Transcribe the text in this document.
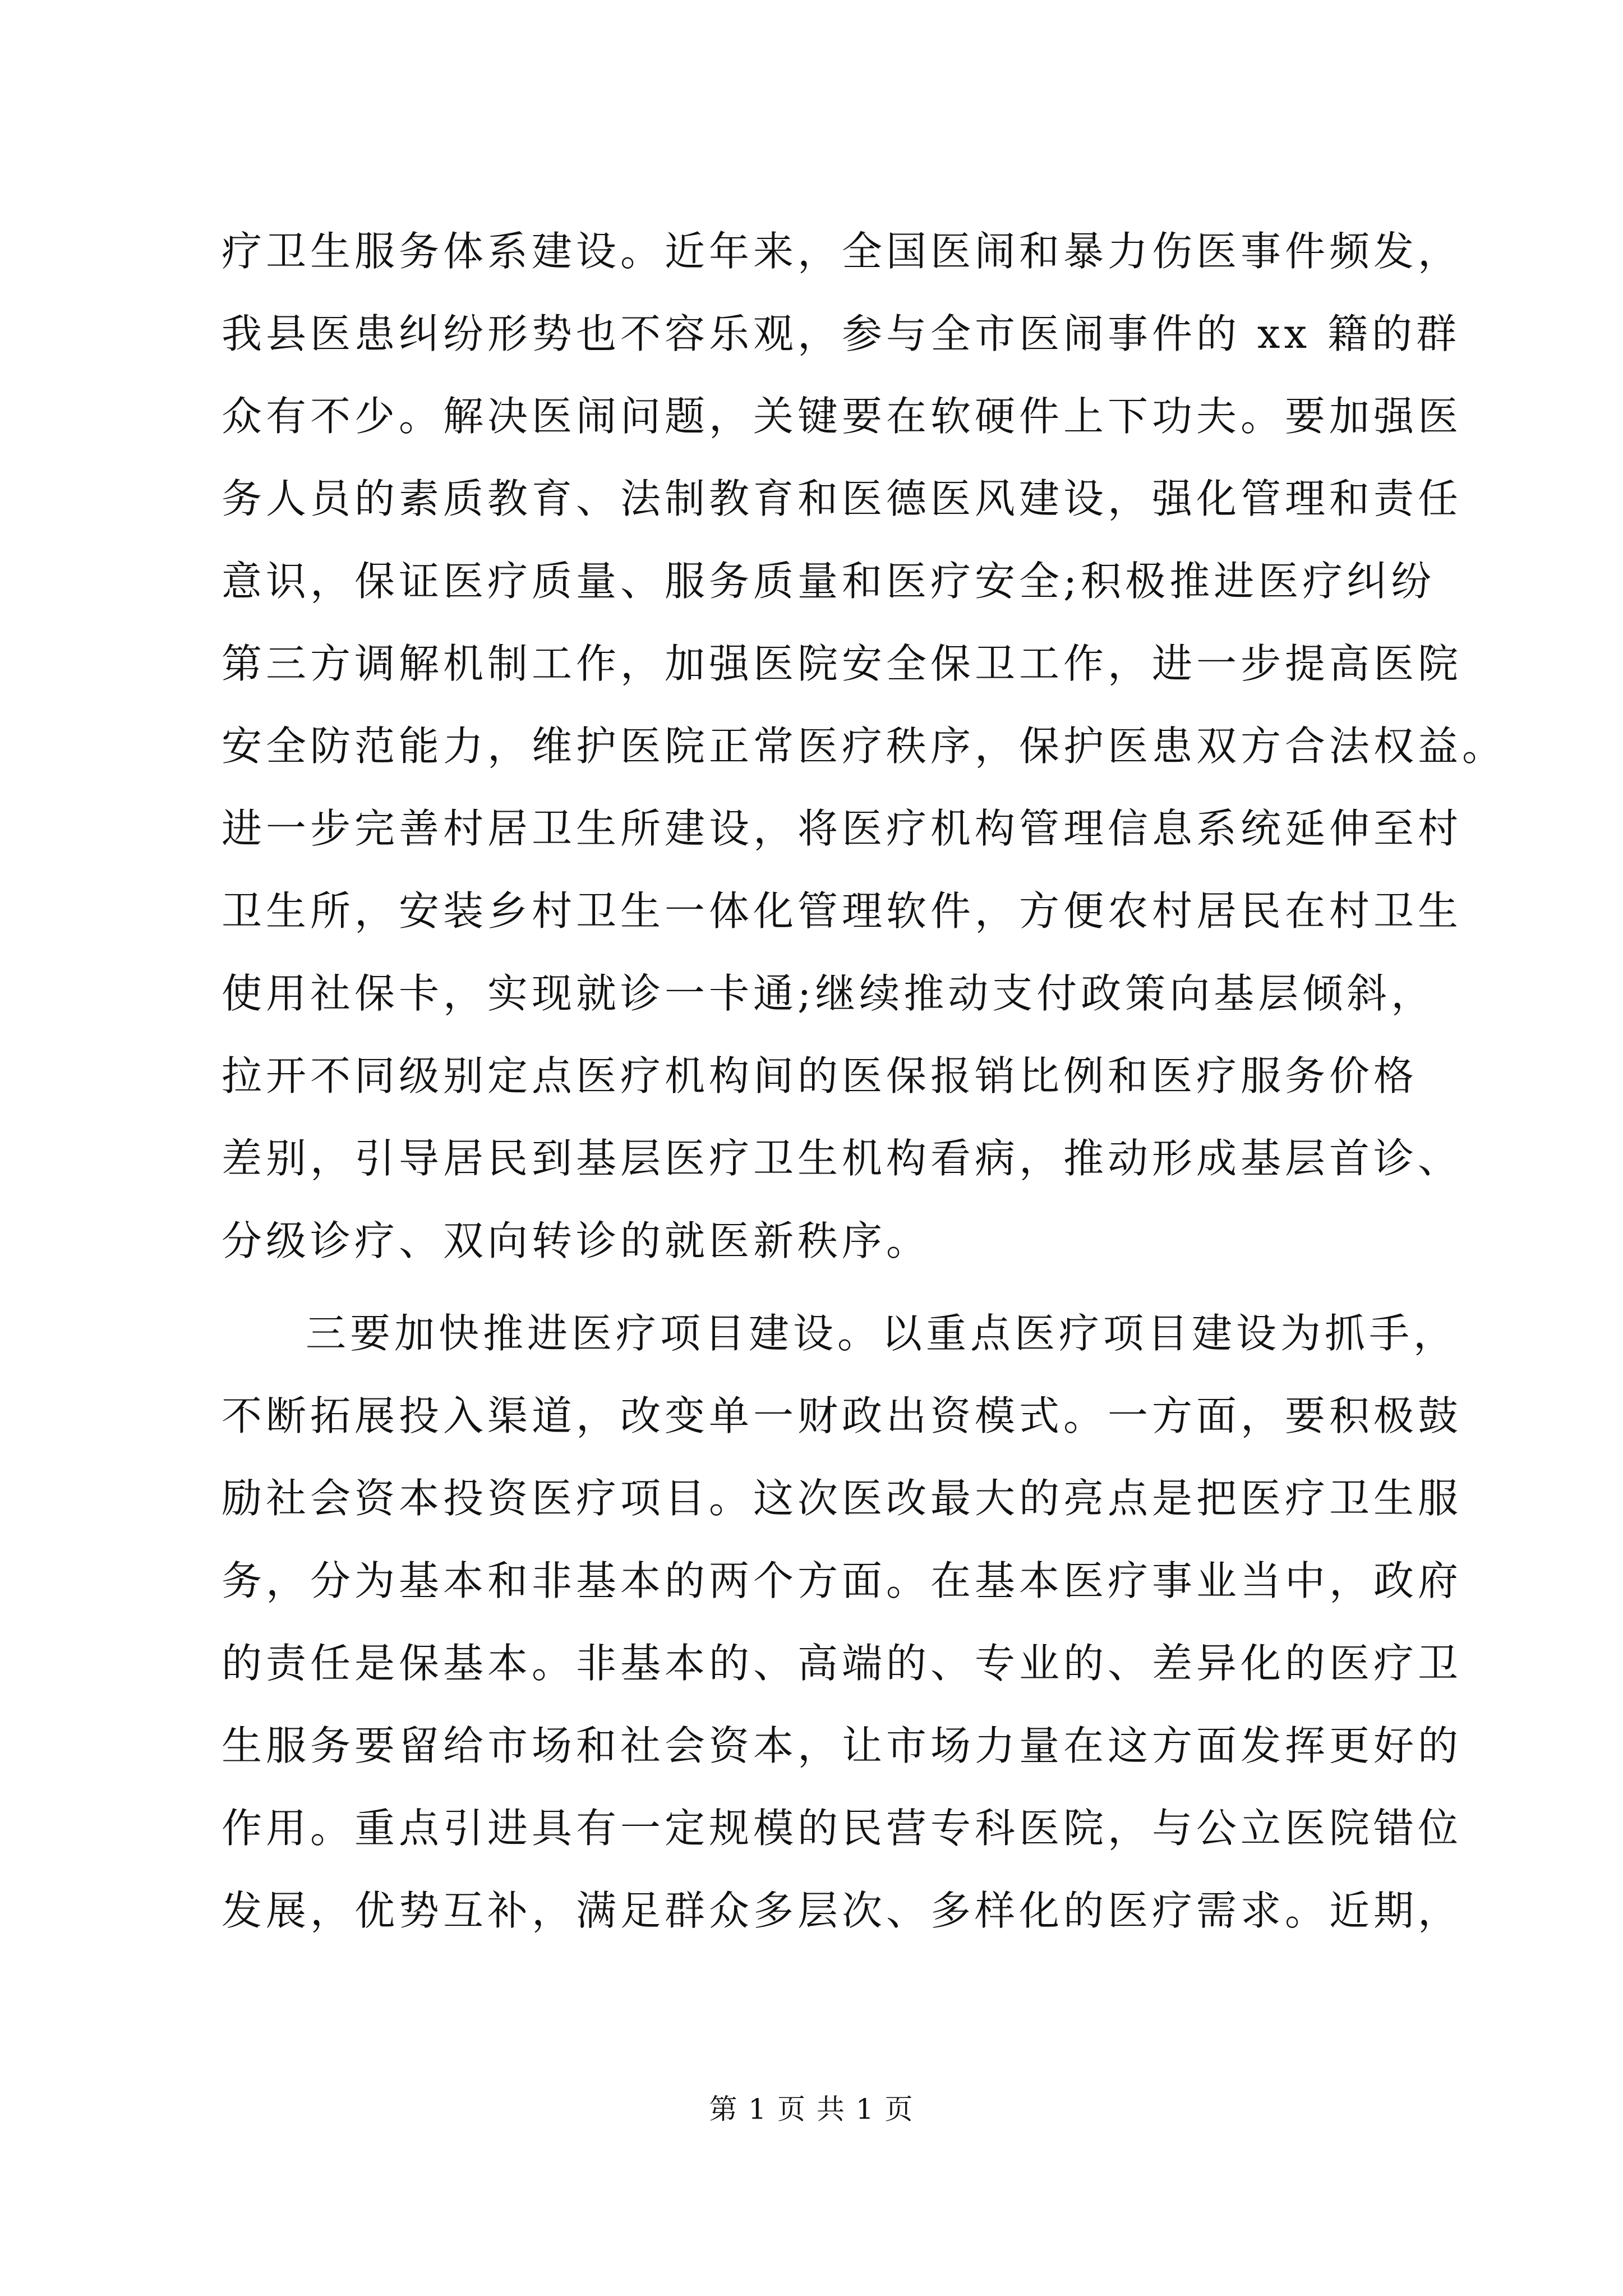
疗卫生服务体系建设。近年来，全国医闹和暴力伤医事件频发，
我县医患纠纷形势也不容乐观，参与全市医闹事件的 xx 籍的群
众有不少。解决医闹问题，关键要在软硬件上下功夫。要加强医
务人员的素质教育、法制教育和医德医风建设，强化管理和责任
意识，保证医疗质量、服务质量和医疗安全;积极推进医疗纠纷
第三方调解机制工作，加强医院安全保卫工作，进一步提高医院
安全防范能力，维护医院正常医疗秩序，保护医患双方合法权益。
进一步完善村居卫生所建设，将医疗机构管理信息系统延伸至村
卫生所，安装乡村卫生一体化管理软件，方便农村居民在村卫生
使用社保卡，实现就诊一卡通;继续推动支付政策向基层倾斜，
拉开不同级别定点医疗机构间的医保报销比例和医疗服务价格
差别，引导居民到基层医疗卫生机构看病，推动形成基层首诊、
分级诊疗、双向转诊的就医新秩序。
三要加快推进医疗项目建设。以重点医疗项目建设为抓手，
不断拓展投入渠道，改变单一财政出资模式。一方面，要积极鼓
励社会资本投资医疗项目。这次医改最大的亮点是把医疗卫生服
务，分为基本和非基本的两个方面。在基本医疗事业当中，政府
的责任是保基本。非基本的、高端的、专业的、差异化的医疗卫
生服务要留给市场和社会资本，让市场力量在这方面发挥更好的
作用。重点引进具有一定规模的民营专科医院，与公立医院错位
发展，优势互补，满足群众多层次、多样化的医疗需求。近期，
第 1 页 共 1 页
